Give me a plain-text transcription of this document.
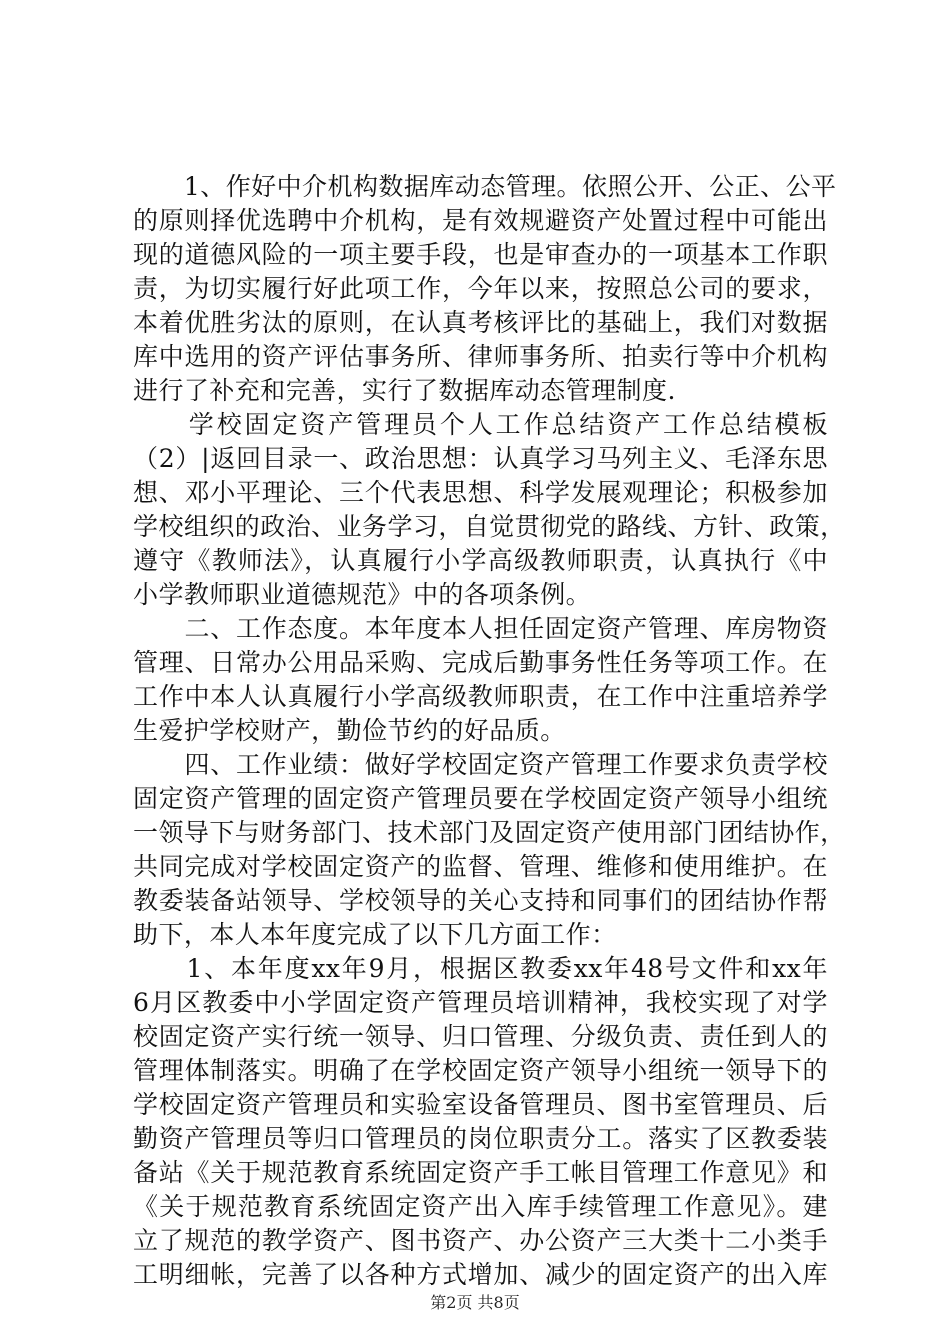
　　1、作好中介机构数据库动态管理。依照公开、公正、公平
的原则择优选聘中介机构，是有效规避资产处置过程中可能出
现的道德风险的一项主要手段，也是审查办的一项基本工作职
责，为切实履行好此项工作，今年以来，按照总公司的要求，
本着优胜劣汰的原则，在认真考核评比的基础上，我们对数据
库中选用的资产评估事务所、律师事务所、拍卖行等中介机构
进行了补充和完善，实行了数据库动态管理制度.
　　学校固定资产管理员个人工作总结资产工作总结模板
（2）|返回目录一、政治思想：认真学习马列主义、毛泽东思
想、邓小平理论、三个代表思想、科学发展观理论；积极参加
学校组织的政治、业务学习，自觉贯彻党的路线、方针、政策，
遵守《教师法》，认真履行小学高级教师职责，认真执行《中
小学教师职业道德规范》中的各项条例。
　　二、工作态度。本年度本人担任固定资产管理、库房物资
管理、日常办公用品采购、完成后勤事务性任务等项工作。在
工作中本人认真履行小学高级教师职责，在工作中注重培养学
生爱护学校财产，勤俭节约的好品质。
　　四、工作业绩：做好学校固定资产管理工作要求负责学校
固定资产管理的固定资产管理员要在学校固定资产领导小组统
一领导下与财务部门、技术部门及固定资产使用部门团结协作，
共同完成对学校固定资产的监督、管理、维修和使用维护。在
教委装备站领导、学校领导的关心支持和同事们的团结协作帮
助下，本人本年度完成了以下几方面工作：
　　1、本年度xx年9月，根据区教委xx年48号文件和xx年
6月区教委中小学固定资产管理员培训精神，我校实现了对学
校固定资产实行统一领导、归口管理、分级负责、责任到人的
管理体制落实。明确了在学校固定资产领导小组统一领导下的
学校固定资产管理员和实验室设备管理员、图书室管理员、后
勤资产管理员等归口管理员的岗位职责分工。落实了区教委装
备站《关于规范教育系统固定资产手工帐目管理工作意见》和
《关于规范教育系统固定资产出入库手续管理工作意见》。建
立了规范的教学资产、图书资产、办公资产三大类十二小类手
工明细帐，完善了以各种方式增加、减少的固定资产的出入库
第2页 共8页
